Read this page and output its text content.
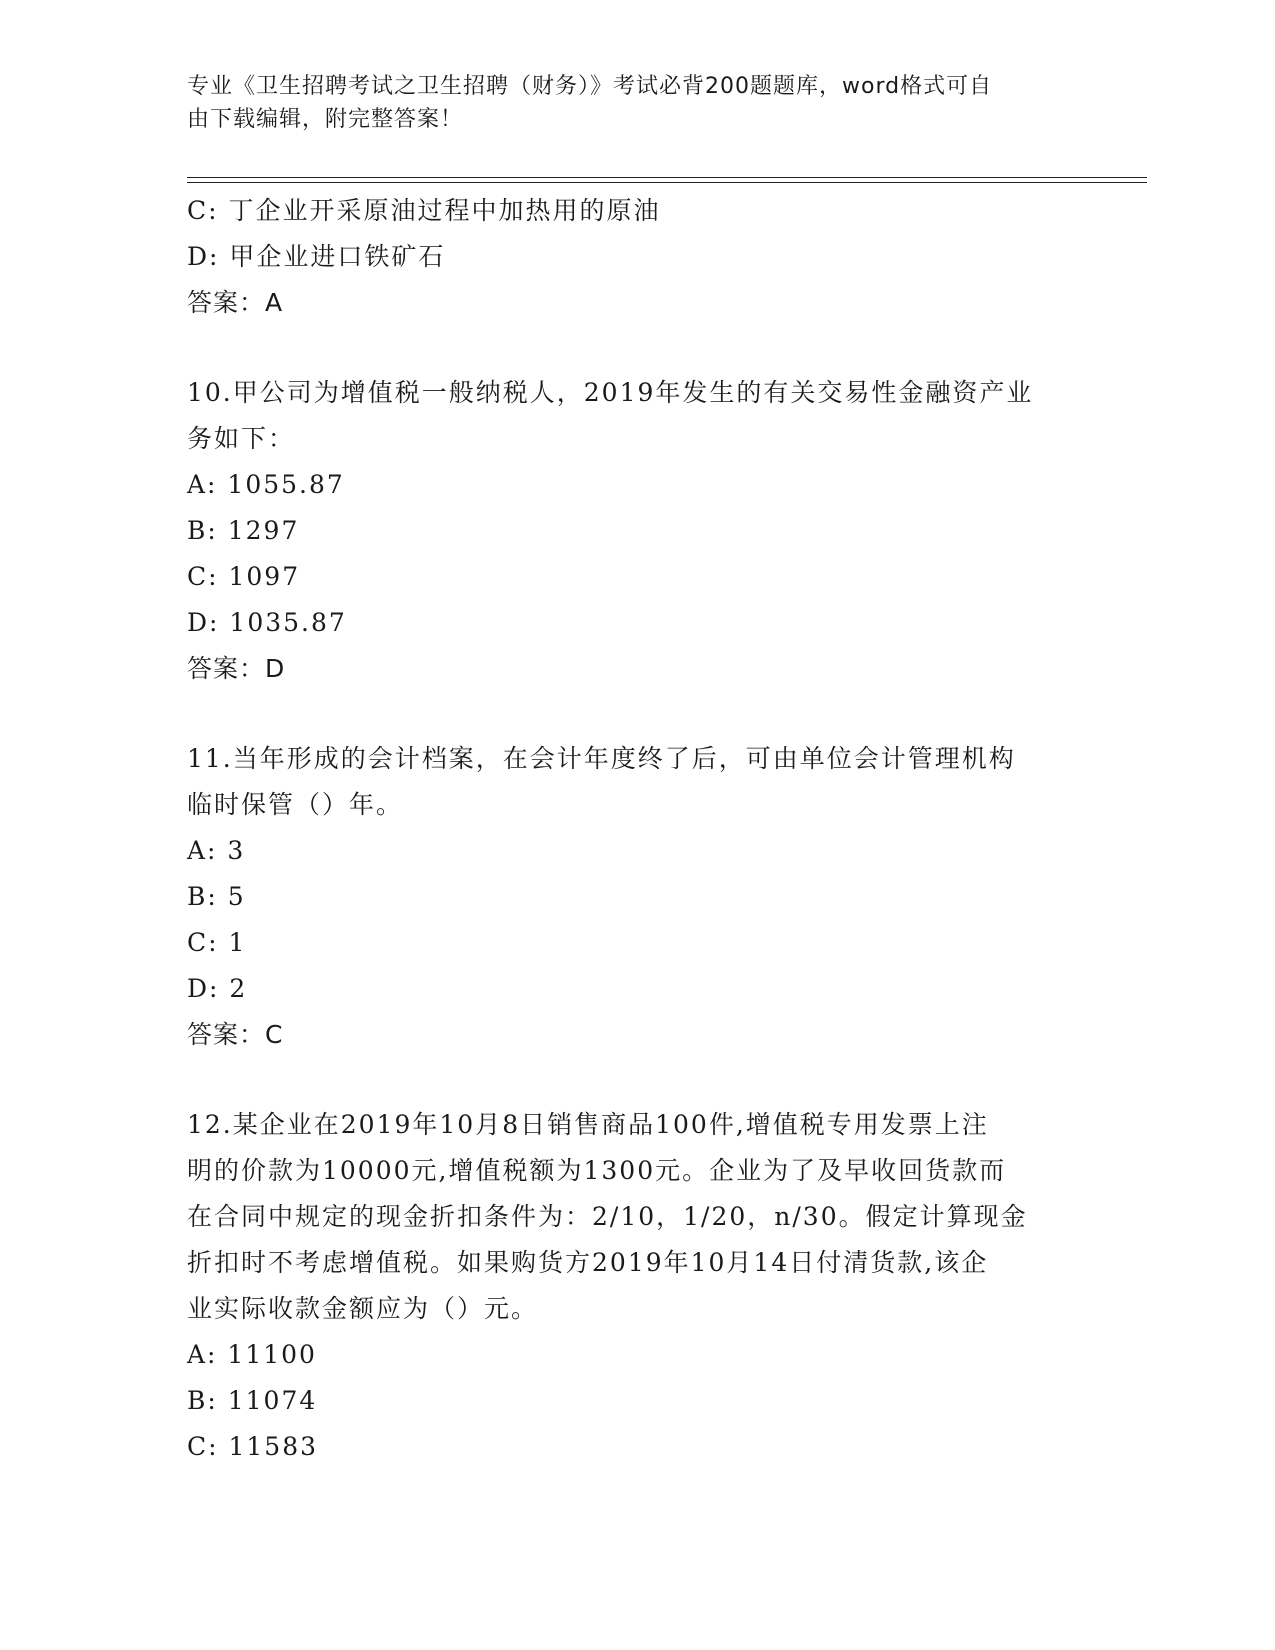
专业《卫生招聘考试之卫生招聘（财务）》考试必背200题题库，word格式可自
由下载编辑，附完整答案！
C: 丁企业开采原油过程中加热用的原油
D: 甲企业进口铁矿石
答案：A
10.甲公司为增值税一般纳税人，2019年发生的有关交易性金融资产业
务如下：
A: 1055.87
B: 1297
C: 1097
D: 1035.87
答案：D
11.当年形成的会计档案，在会计年度终了后，可由单位会计管理机构
临时保管（）年。
A: 3
B: 5
C: 1
D: 2
答案：C
12.某企业在2019年10月8日销售商品100件,增值税专用发票上注
明的价款为10000元,增值税额为1300元。企业为了及早收回货款而
在合同中规定的现金折扣条件为：2/10，1/20，n/30。假定计算现金
折扣时不考虑增值税。如果购货方2019年10月14日付清货款,该企
业实际收款金额应为（）元。
A: 11100
B: 11074
C: 11583
